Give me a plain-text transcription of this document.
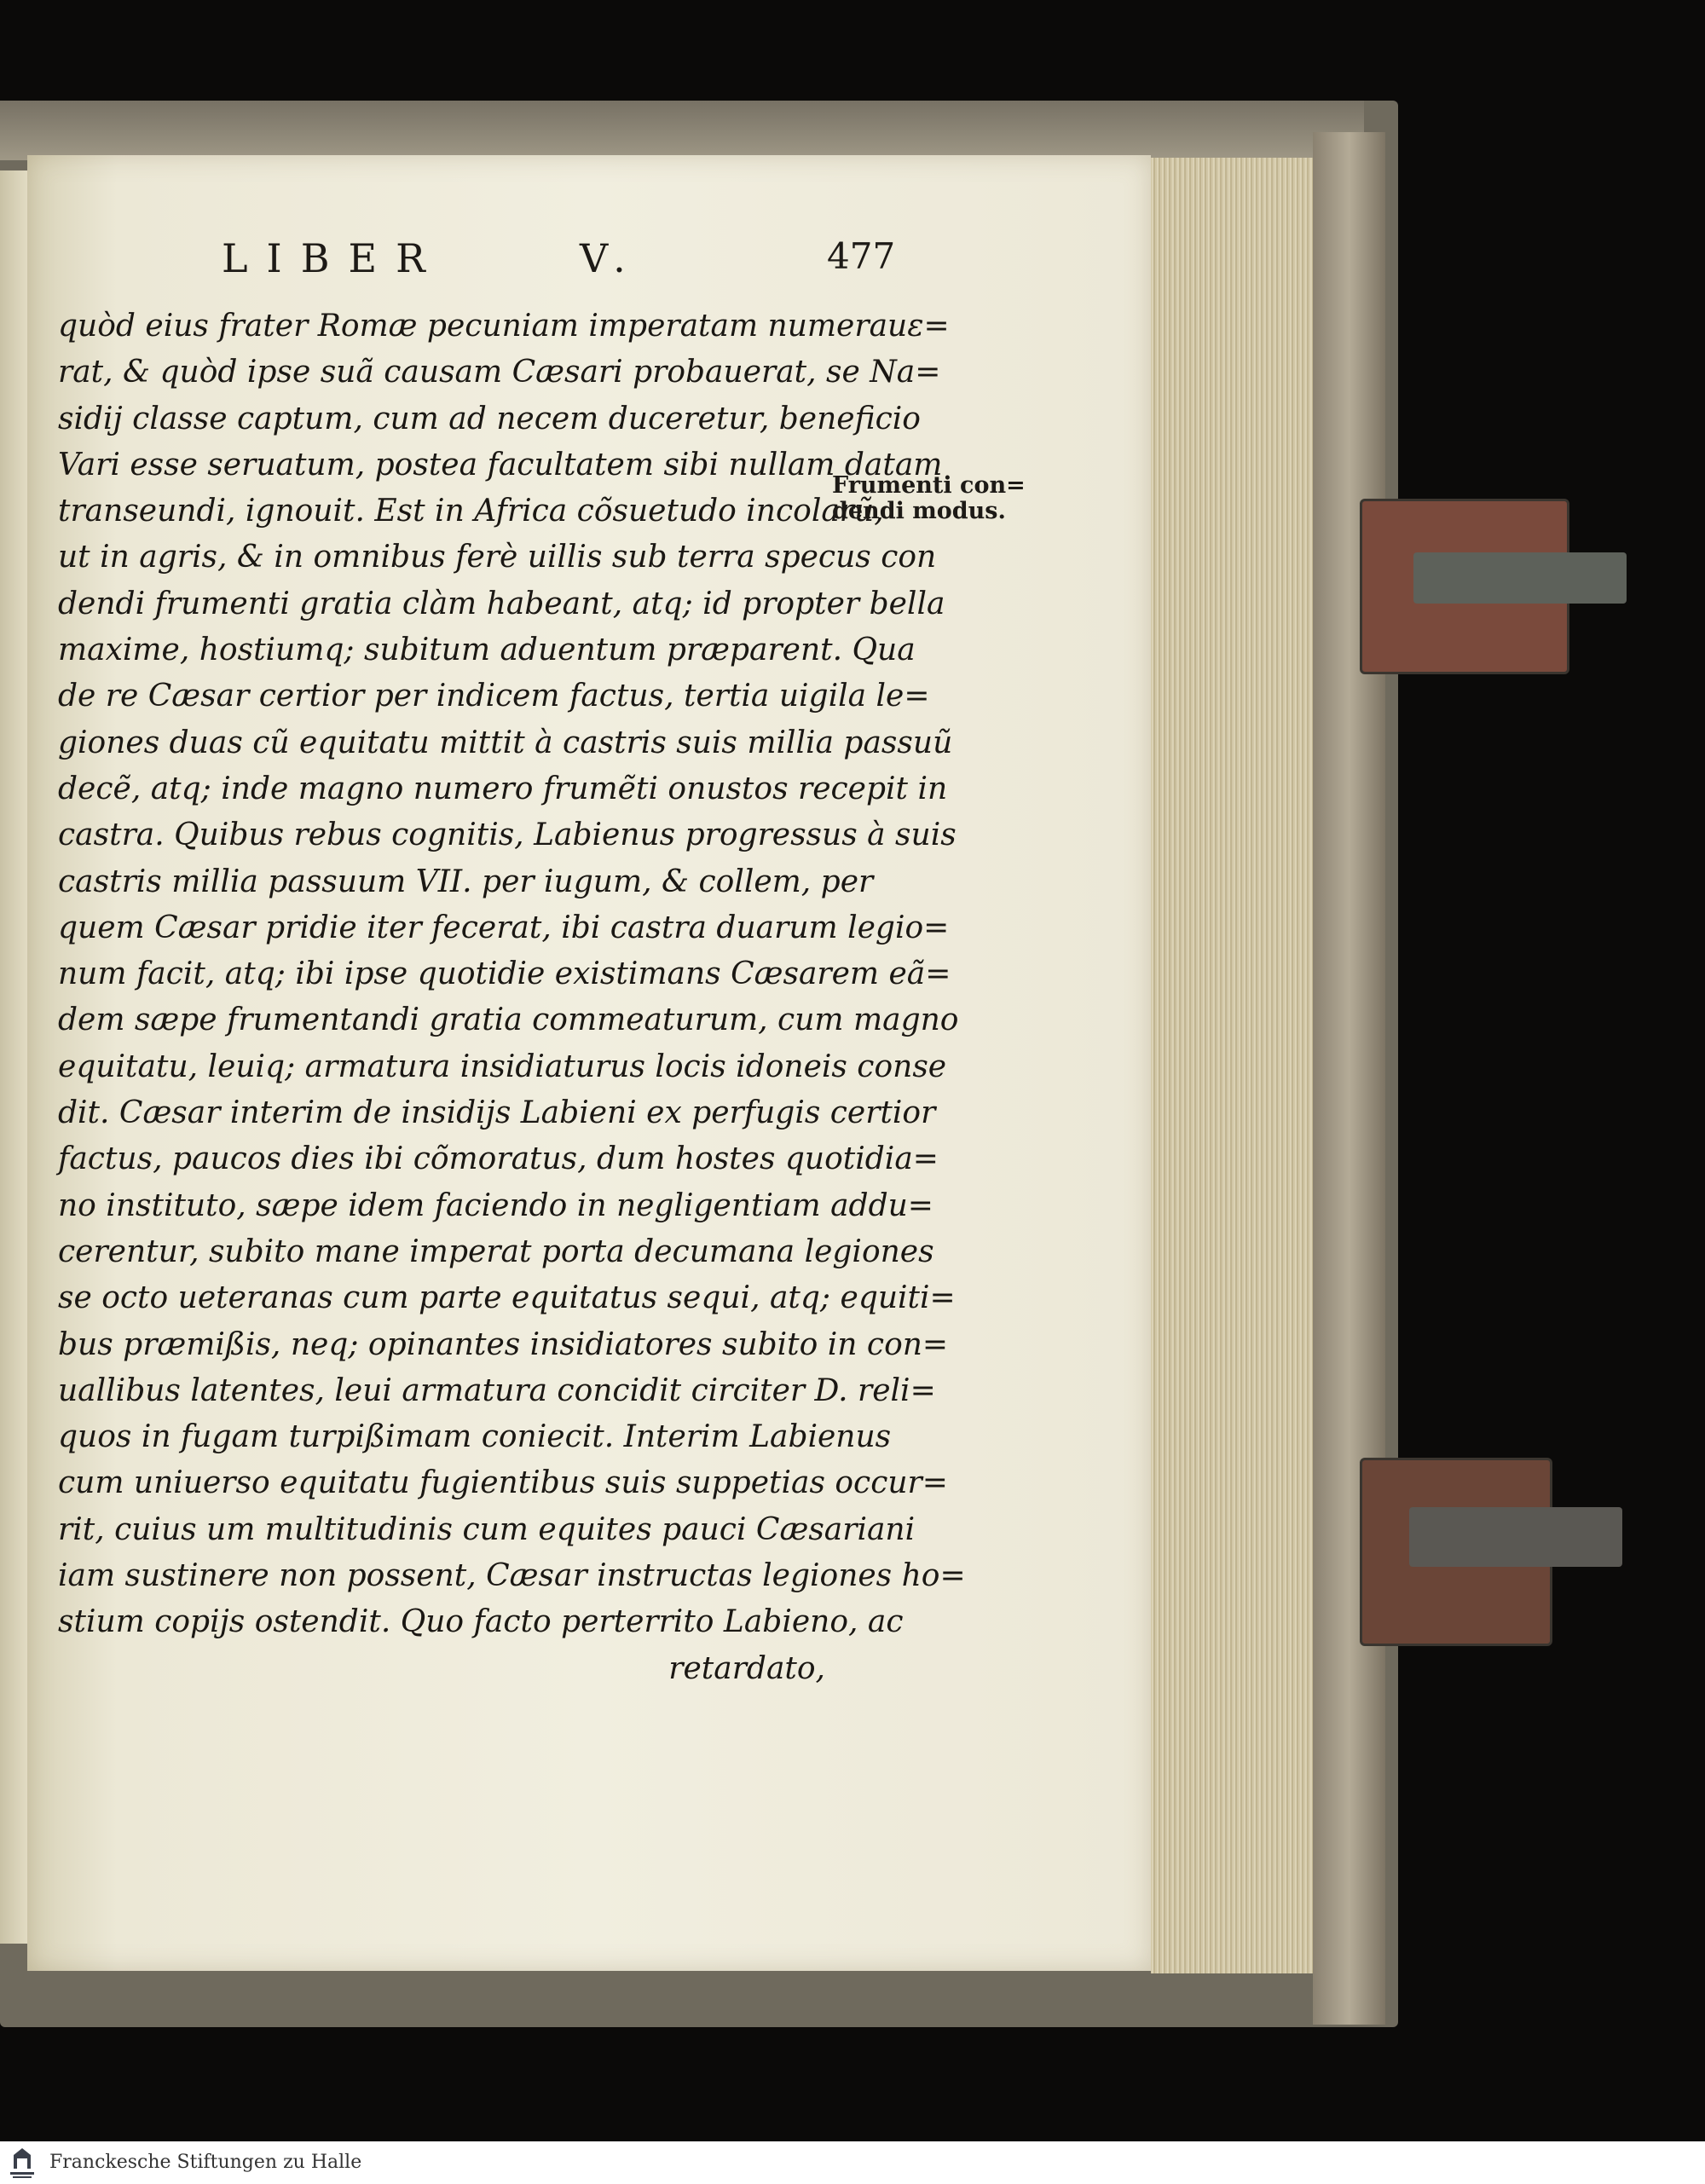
LIBER	V.	477
quòd eius frater Romæ pecuniam imperatam numerauε=
rat, & quòd ipse suã causam Cæsari probauerat, se Na=
sidij classe captum, cum ad necem duceretur, beneficio
Vari esse seruatum, postea facultatem sibi nullam datam
transeundi, ignouit. Est in Africa cõsuetudo incolarũ,
ut in agris, & in omnibus ferè uillis sub terra specus con
dendi frumenti gratia clàm habeant, atq; id propter bella
maxime, hostiumq; subitum aduentum præparent. Qua
de re Cæsar certior per indicem factus, tertia uigila le=
giones duas cũ equitatu mittit à castris suis millia passuũ
decẽ, atq; inde magno numero frumẽti onustos recepit in
castra. Quibus rebus cognitis, Labienus progressus à suis
castris millia passuum VII. per iugum, & collem, per
quem Cæsar pridie iter fecerat, ibi castra duarum legio=
num facit, atq; ibi ipse quotidie existimans Cæsarem eã=
dem sæpe frumentandi gratia commeaturum, cum magno
equitatu, leuiq; armatura insidiaturus locis idoneis conse
dit. Cæsar interim de insidijs Labieni ex perfugis certior
factus, paucos dies ibi cõmoratus, dum hostes quotidia=
no instituto, sæpe idem faciendo in negligentiam addu=
cerentur, subito mane imperat porta decumana legiones
se octo ueteranas cum parte equitatus sequi, atq; equiti=
bus præmißis, neq; opinantes insidiatores subito in con=
uallibus latentes, leui armatura concidit circiter D. reli=
quos in fugam turpißimam coniecit. Interim Labienus
cum uniuerso equitatu fugientibus suis suppetias occur=
rit, cuius um multitudinis cum equites pauci Cæsariani
iam sustinere non possent, Cæsar instructas legiones ho=
stium copijs ostendit. Quo facto perterrito Labieno, ac
retardato,
Frumenti con=
dendi modus.
Franckesche Stiftungen zu Halle
